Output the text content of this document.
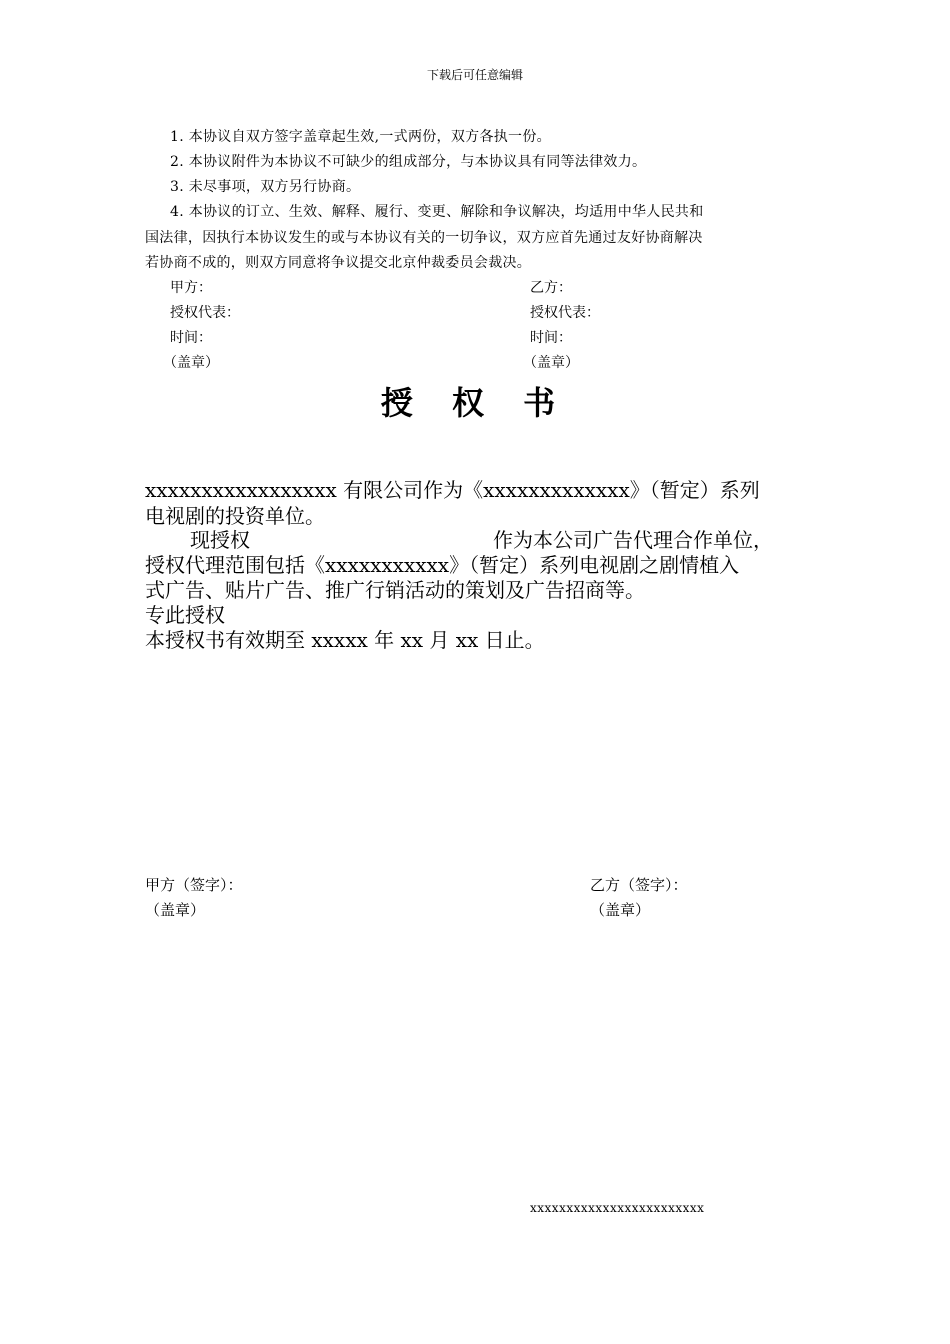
下载后可任意编辑
1. 本协议自双方签字盖章起生效,一式两份，双方各执一份。
2. 本协议附件为本协议不可缺少的组成部分，与本协议具有同等法律效力。
3. 未尽事项，双方另行协商。
4. 本协议的订立、生效、解释、履行、变更、解除和争议解决，均适用中华人民共和
国法律，因执行本协议发生的或与本协议有关的一切争议，双方应首先通过友好协商解决
若协商不成的，则双方同意将争议提交北京仲裁委员会裁决。
甲方：	乙方：
授权代表：	授权代表：
时间：	时间：
（盖章）	（盖章）
授 权 书
xxxxxxxxxxxxxxxxx 有限公司作为《xxxxxxxxxxxxx》（暂定）系列
电视剧的投资单位。
现授权	作为本公司广告代理合作单位，
授权代理范围包括《xxxxxxxxxxx》（暂定）系列电视剧之剧情植入
式广告、贴片广告、推广行销活动的策划及广告招商等。
专此授权
本授权书有效期至 xxxxx 年 xx 月 xx 日止。
甲方（签字）：	乙方（签字）：
（盖章）	（盖章）
xxxxxxxxxxxxxxxxxxxxxxxx
